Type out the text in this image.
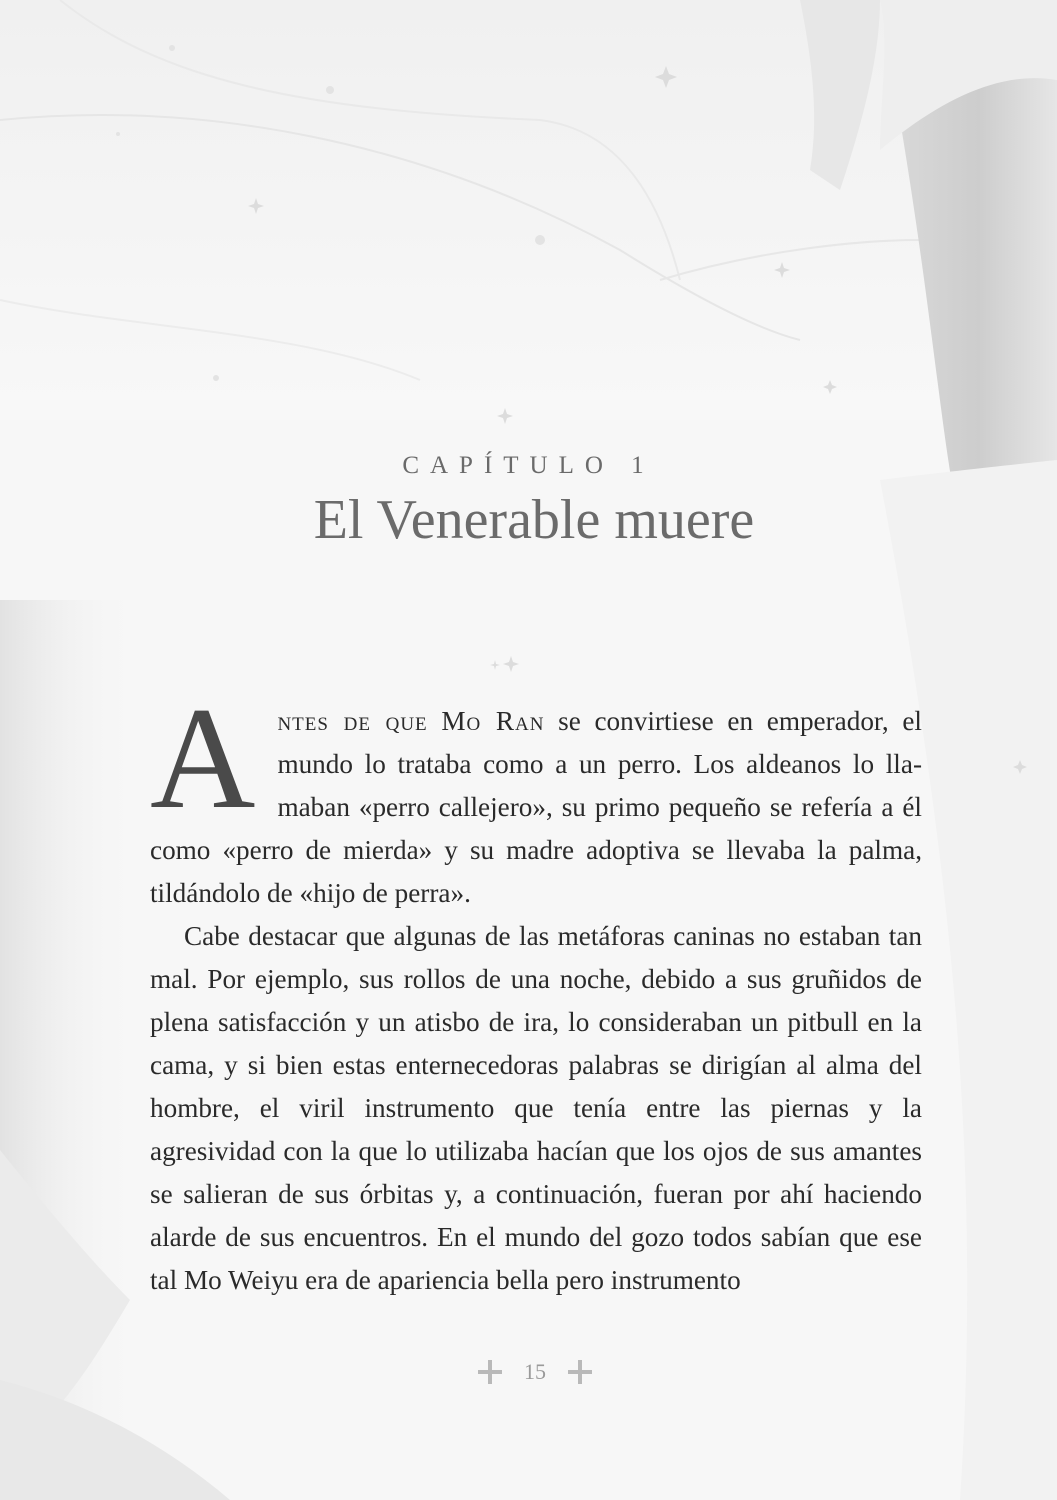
CAPÍTULO 1
El Venerable muere

Antes de que Mo Ran se convirtiese en emperador, el mundo lo trataba como a un perro. Los aldeanos lo llamaban «perro callejero», su primo pequeño se refería a él como «perro de mierda» y su madre adoptiva se llevaba la palma, tildándolo de «hijo de perra».

Cabe destacar que algunas de las metáforas caninas no estaban tan mal. Por ejemplo, sus rollos de una noche, debido a sus gruñidos de plena satisfacción y un atisbo de ira, lo consideraban un pitbull en la cama, y si bien estas enternecedoras palabras se dirigían al alma del hombre, el viril instrumento que tenía entre las piernas y la agresividad con la que lo utilizaba hacían que los ojos de sus amantes se salieran de sus órbitas y, a continuación, fueran por ahí haciendo alarde de sus encuentros. En el mundo del gozo todos sabían que ese tal Mo Weiyu era de apariencia bella pero instrumento

15
